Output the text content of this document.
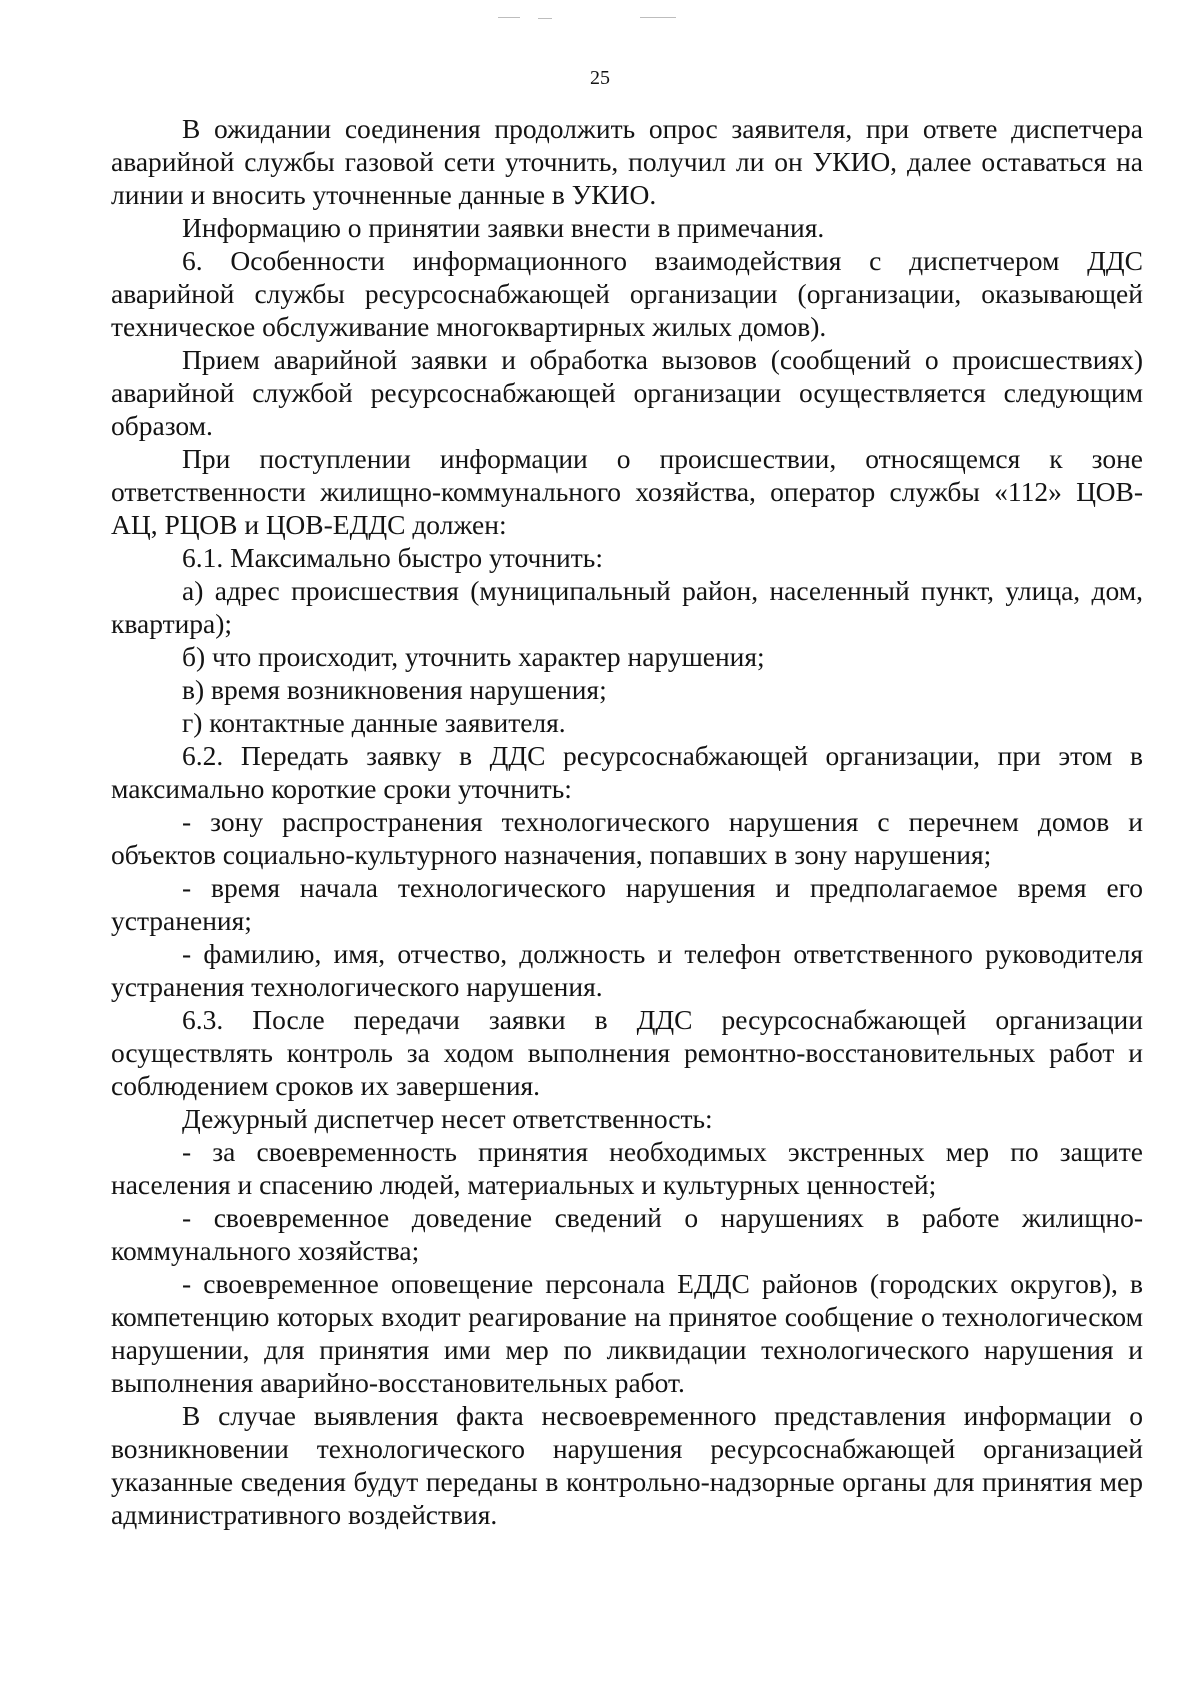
25

В ожидании соединения продолжить опрос заявителя, при ответе диспетчера аварийной службы газовой сети уточнить, получил ли он УКИО, далее оставаться на линии и вносить уточненные данные в УКИО.

Информацию о принятии заявки внести в примечания.

6. Особенности информационного взаимодействия с диспетчером ДДС аварийной службы ресурсоснабжающей организации (организации, оказывающей техническое обслуживание многоквартирных жилых домов).

Прием аварийной заявки и обработка вызовов (сообщений о происшествиях) аварийной службой ресурсоснабжающей организации осуществляется следующим образом.

При поступлении информации о происшествии, относящемся к зоне ответственности жилищно-коммунального хозяйства, оператор службы «112» ЦОВ-АЦ, РЦОВ и ЦОВ-ЕДДС должен:

6.1. Максимально быстро уточнить:

а) адрес происшествия (муниципальный район, населенный пункт, улица, дом, квартира);

б) что происходит, уточнить характер нарушения;

в) время возникновения нарушения;

г) контактные данные заявителя.

6.2. Передать заявку в ДДС ресурсоснабжающей организации, при этом в максимально короткие сроки уточнить:

- зону распространения технологического нарушения с перечнем домов и объектов социально-культурного назначения, попавших в зону нарушения;

- время начала технологического нарушения и предполагаемое время его устранения;

- фамилию, имя, отчество, должность и телефон ответственного руководителя устранения технологического нарушения.

6.3. После передачи заявки в ДДС ресурсоснабжающей организации осуществлять контроль за ходом выполнения ремонтно-восстановительных работ и соблюдением сроков их завершения.

Дежурный диспетчер несет ответственность:

- за своевременность принятия необходимых экстренных мер по защите населения и спасению людей, материальных и культурных ценностей;

- своевременное доведение сведений о нарушениях в работе жилищно-коммунального хозяйства;

- своевременное оповещение персонала ЕДДС районов (городских округов), в компетенцию которых входит реагирование на принятое сообщение о технологическом нарушении, для принятия ими мер по ликвидации технологического нарушения и выполнения аварийно-восстановительных работ.

В случае выявления факта несвоевременного представления информации о возникновении технологического нарушения ресурсоснабжающей организацией указанные сведения будут переданы в контрольно-надзорные органы для принятия мер административного воздействия.
